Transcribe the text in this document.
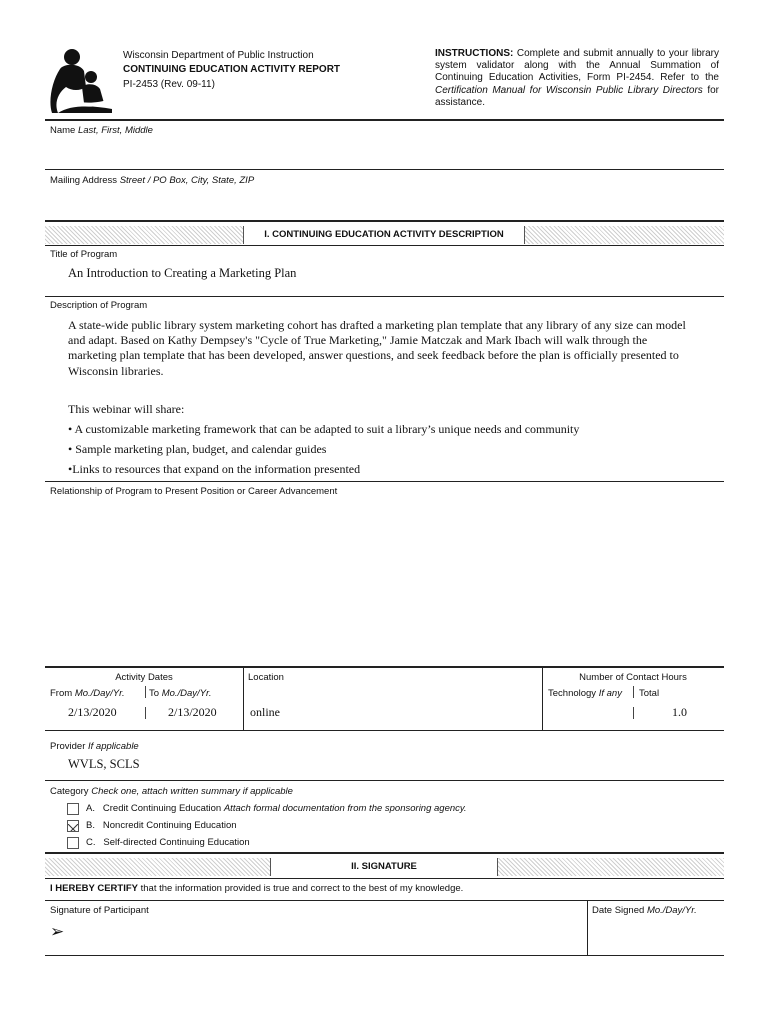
Wisconsin Department of Public Instruction
CONTINUING EDUCATION ACTIVITY REPORT
PI-2453 (Rev. 09-11)
INSTRUCTIONS: Complete and submit annually to your library system validator along with the Annual Summation of Continuing Education Activities, Form PI-2454. Refer to the Certification Manual for Wisconsin Public Library Directors for assistance.
Name Last, First, Middle
Mailing Address Street / PO Box, City, State, ZIP
I. CONTINUING EDUCATION ACTIVITY DESCRIPTION
Title of Program
An Introduction to Creating a Marketing Plan
Description of Program
A state-wide public library system marketing cohort has drafted a marketing plan template that any library of any size can model
and adapt. Based on Kathy Dempsey's "Cycle of True Marketing," Jamie Matczak and Mark Ibach will walk through the
marketing plan template that has been developed, answer questions, and seek feedback before the plan is officially presented to
Wisconsin libraries.
This webinar will share:
• A customizable marketing framework that can be adapted to suit a library’s unique needs and community
• Sample marketing plan, budget, and calendar guides
•Links to resources that expand on the information presented
Relationship of Program to Present Position or Career Advancement
Activity Dates
From Mo./Day/Yr.	To Mo./Day/Yr.
2/13/2020	2/13/2020
Location
online
Number of Contact Hours
Technology If any Total
1.0
Provider If applicable
WVLS, SCLS
Category Check one, attach written summary if applicable
A. Credit Continuing Education Attach formal documentation from the sponsoring agency.
B. Noncredit Continuing Education
C. Self-directed Continuing Education
II. SIGNATURE
I HEREBY CERTIFY that the information provided is true and correct to the best of my knowledge.
Signature of Participant
➢
Date Signed Mo./Day/Yr.
